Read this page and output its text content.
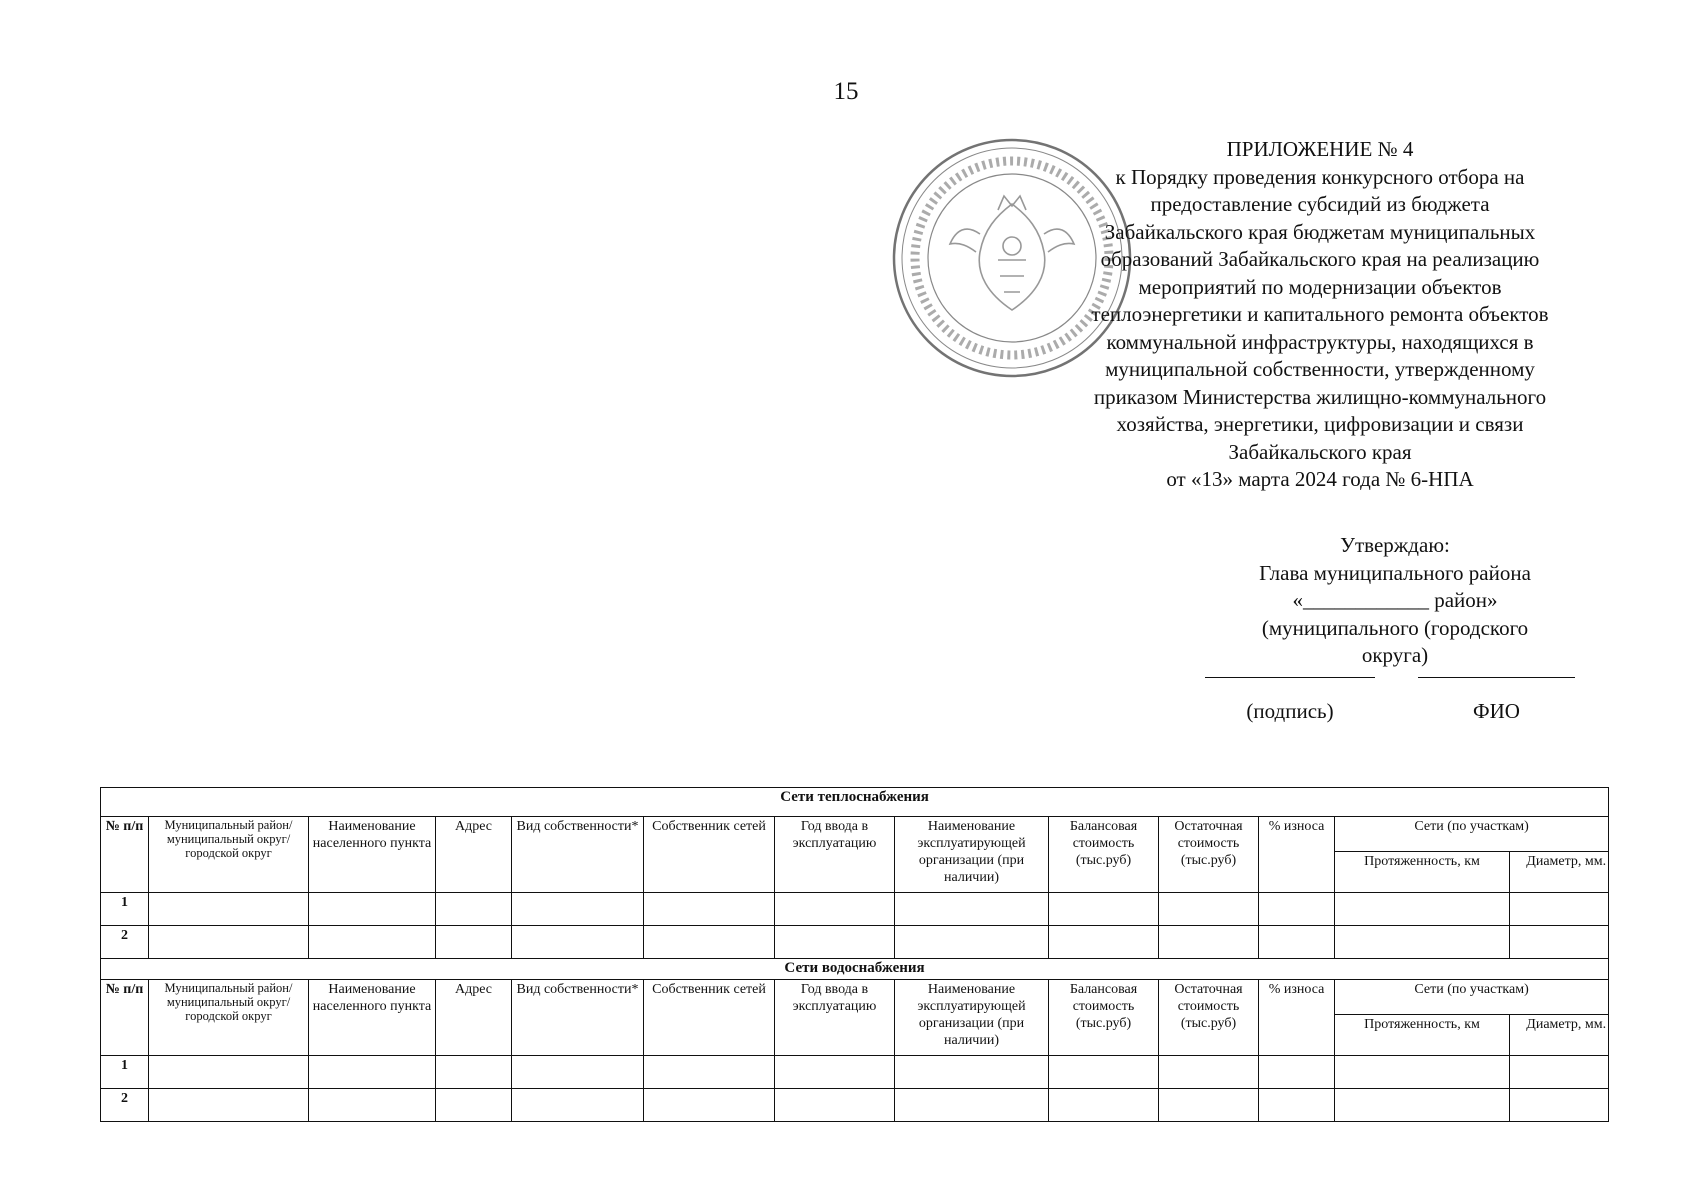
15
ПРИЛОЖЕНИЕ № 4
к Порядку проведения конкурсного отбора на
предоставление субсидий из бюджета
Забайкальского края бюджетам муниципальных
образований Забайкальского края на реализацию
мероприятий по модернизации объектов
теплоэнергетики и капитального ремонта объектов
коммунальной инфраструктуры, находящихся в
муниципальной собственности, утвержденному
приказом Министерства жилищно-коммунального
хозяйства, энергетики, цифровизации и связи
Забайкальского края
от «13» марта 2024 года № 6-НПА
Утверждаю:
Глава муниципального района
«____________ район»
(муниципального (городского
округа)
(подпись)	ФИО
Сети теплоснабжения												
№ п/п	Муниципальный район/муниципальный округ/городской округ	Наименование населенного пункта	Адрес	Вид собственности*	Собственник сетей	Год ввода в эксплуатацию	Наименование эксплуатирующей организации (при наличии)	Балансовая стоимость (тыс.руб)	Остаточная стоимость (тыс.руб)	% износа	Сети (по участкам)	
											Протяженность, км	Диаметр, мм.
1												
2												
Сети водоснабжения												
№ п/п	Муниципальный район/муниципальный округ/городской округ	Наименование населенного пункта	Адрес	Вид собственности*	Собственник сетей	Год ввода в эксплуатацию	Наименование эксплуатирующей организации (при наличии)	Балансовая стоимость (тыс.руб)	Остаточная стоимость (тыс.руб)	% износа	Сети (по участкам)	
											Протяженность, км	Диаметр, мм.
1												
2												
